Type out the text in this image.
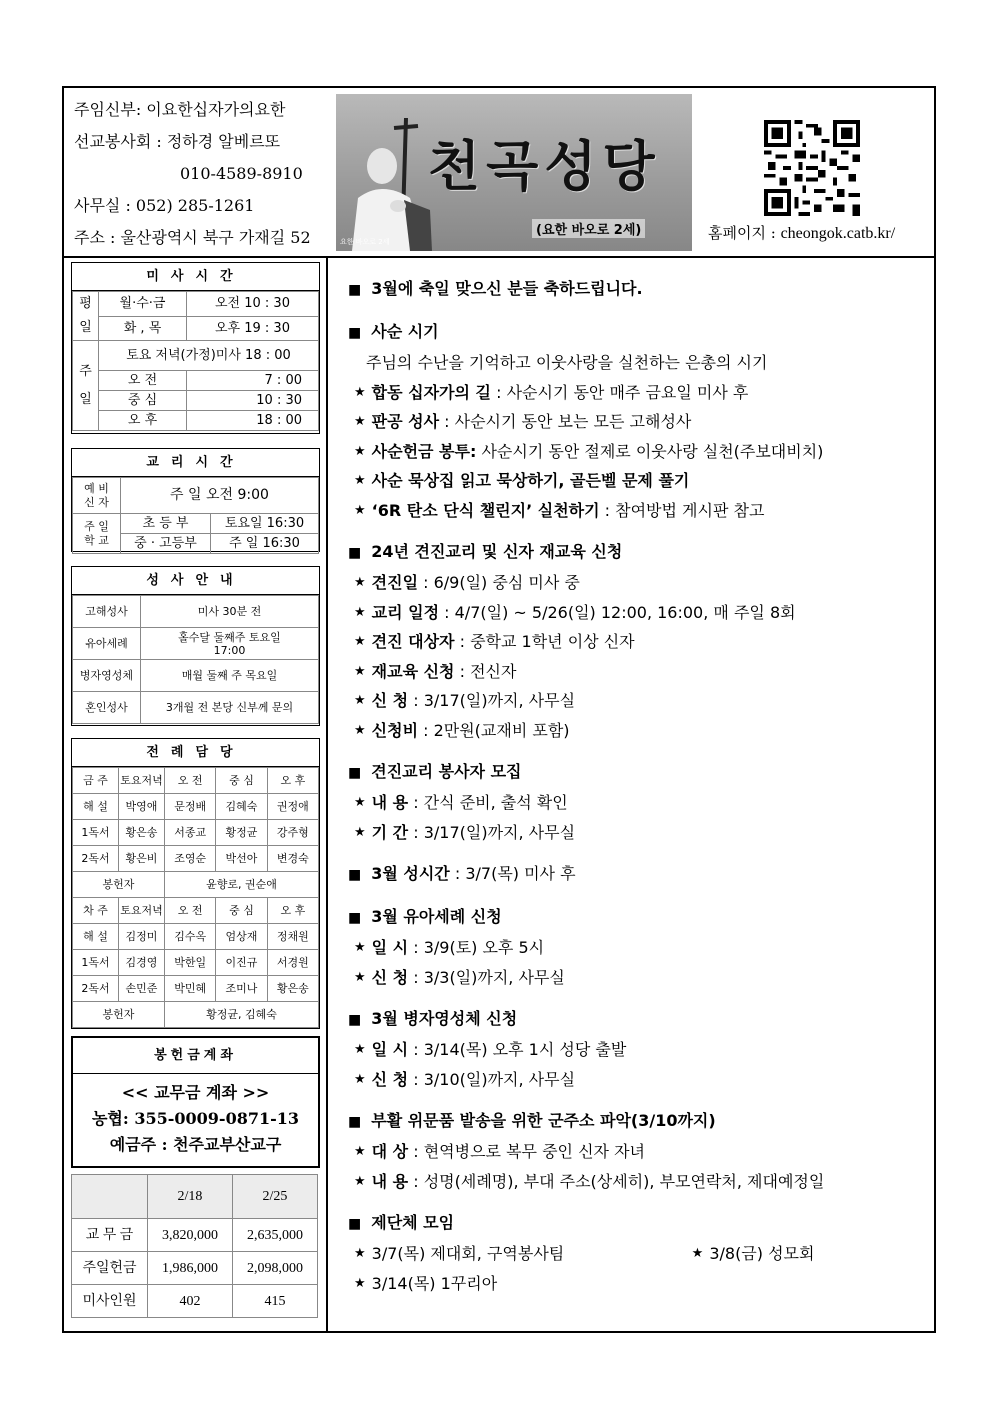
주임신부: 이요한십자가의요한
선교봉사회 : 정하경 알베르또
010-4589-8910
사무실 : 052) 285-1261
주소 : 울산광역시 북구 가재길 52
천곡성당
(요한 바오로 2세)
요한 바오로 2세	홈페이지 : cheongok.catb.kr/
미사시간
평
일	월·수·금	오전 10 : 30
	화 , 목	오후 19 : 30
주
일	토요 저녁(가정)미사 18 : 00	
	오 전	7 : 00
	중 심	10 : 30
	오 후	18 : 00
교리시간
예 비
신 자	주 일 오전 9:00	
주 일
학 교	초 등 부	토요일 16:30
	중 · 고등부	주 일 16:30
성사안내
고해성사	미사 30분 전
유아세례	홀수달 둘째주 토요일
17:00
병자영성체	매월 둘째 주 목요일
혼인성사	3개월 전 본당 신부께 문의
전례담당
금 주	토요저녁	오 전	중 심	오 후
해 설	박영애	문정배	김혜숙	권정애
1독서	황은송	서종교	황정균	강주형
2독서	황은비	조영순	박선아	변경숙
봉헌자		윤향로, 권순애		
차 주	토요저녁	오 전	중 심	오 후
해 설	김정미	김수옥	엄상재	정채원
1독서	김경영	박한일	이진규	서경원
2독서	손민준	박민혜	조미나	황은송
봉헌자		황정균, 김혜숙		
봉헌금계좌
<< 교무금 계좌 >>
농협: 355-0009-0871-13
예금주 : 천주교부산교구
	2/18	2/25
교 무 금	3,820,000	2,635,000
주일헌금	1,986,000	2,098,000
미사인원	402	415
■ 3월에 축일 맞으신 분들 축하드립니다.
■ 사순 시기
주님의 수난을 기억하고 이웃사랑을 실천하는 은총의 시기
★ 합동 십자가의 길 : 사순시기 동안 매주 금요일 미사 후
★ 판공 성사 : 사순시기 동안 보는 모든 고해성사
★ 사순헌금 봉투: 사순시기 동안 절제로 이웃사랑 실천(주보대비치)
★ 사순 묵상집 읽고 묵상하기, 골든벨 문제 풀기
★ ‘6R 탄소 단식 챌린지’ 실천하기 : 참여방법 게시판 참고
■ 24년 견진교리 및 신자 재교육 신청
★ 견진일 : 6/9(일) 중심 미사 중
★ 교리 일정 : 4/7(일) ~ 5/26(일) 12:00, 16:00, 매 주일 8회
★ 견진 대상자 : 중학교 1학년 이상 신자
★ 재교육 신청 : 전신자
★ 신 청 : 3/17(일)까지, 사무실
★ 신청비 : 2만원(교재비 포함)
■ 견진교리 봉사자 모집
★ 내 용 : 간식 준비, 출석 확인
★ 기 간 : 3/17(일)까지, 사무실
■ 3월 성시간 : 3/7(목) 미사 후
■ 3월 유아세례 신청
★ 일 시 : 3/9(토) 오후 5시
★ 신 청 : 3/3(일)까지, 사무실
■ 3월 병자영성체 신청
★ 일 시 : 3/14(목) 오후 1시 성당 출발
★ 신 청 : 3/10(일)까지, 사무실
■ 부활 위문품 발송을 위한 군주소 파악(3/10까지)
★ 대 상 : 현역병으로 복무 중인 신자 자녀
★ 내 용 : 성명(세례명), 부대 주소(상세히), 부모연락처, 제대예정일
■ 제단체 모임
★ 3/7(목) 제대회, 구역봉사팀	★ 3/8(금) 성모회
★ 3/14(목) 1꾸리아
